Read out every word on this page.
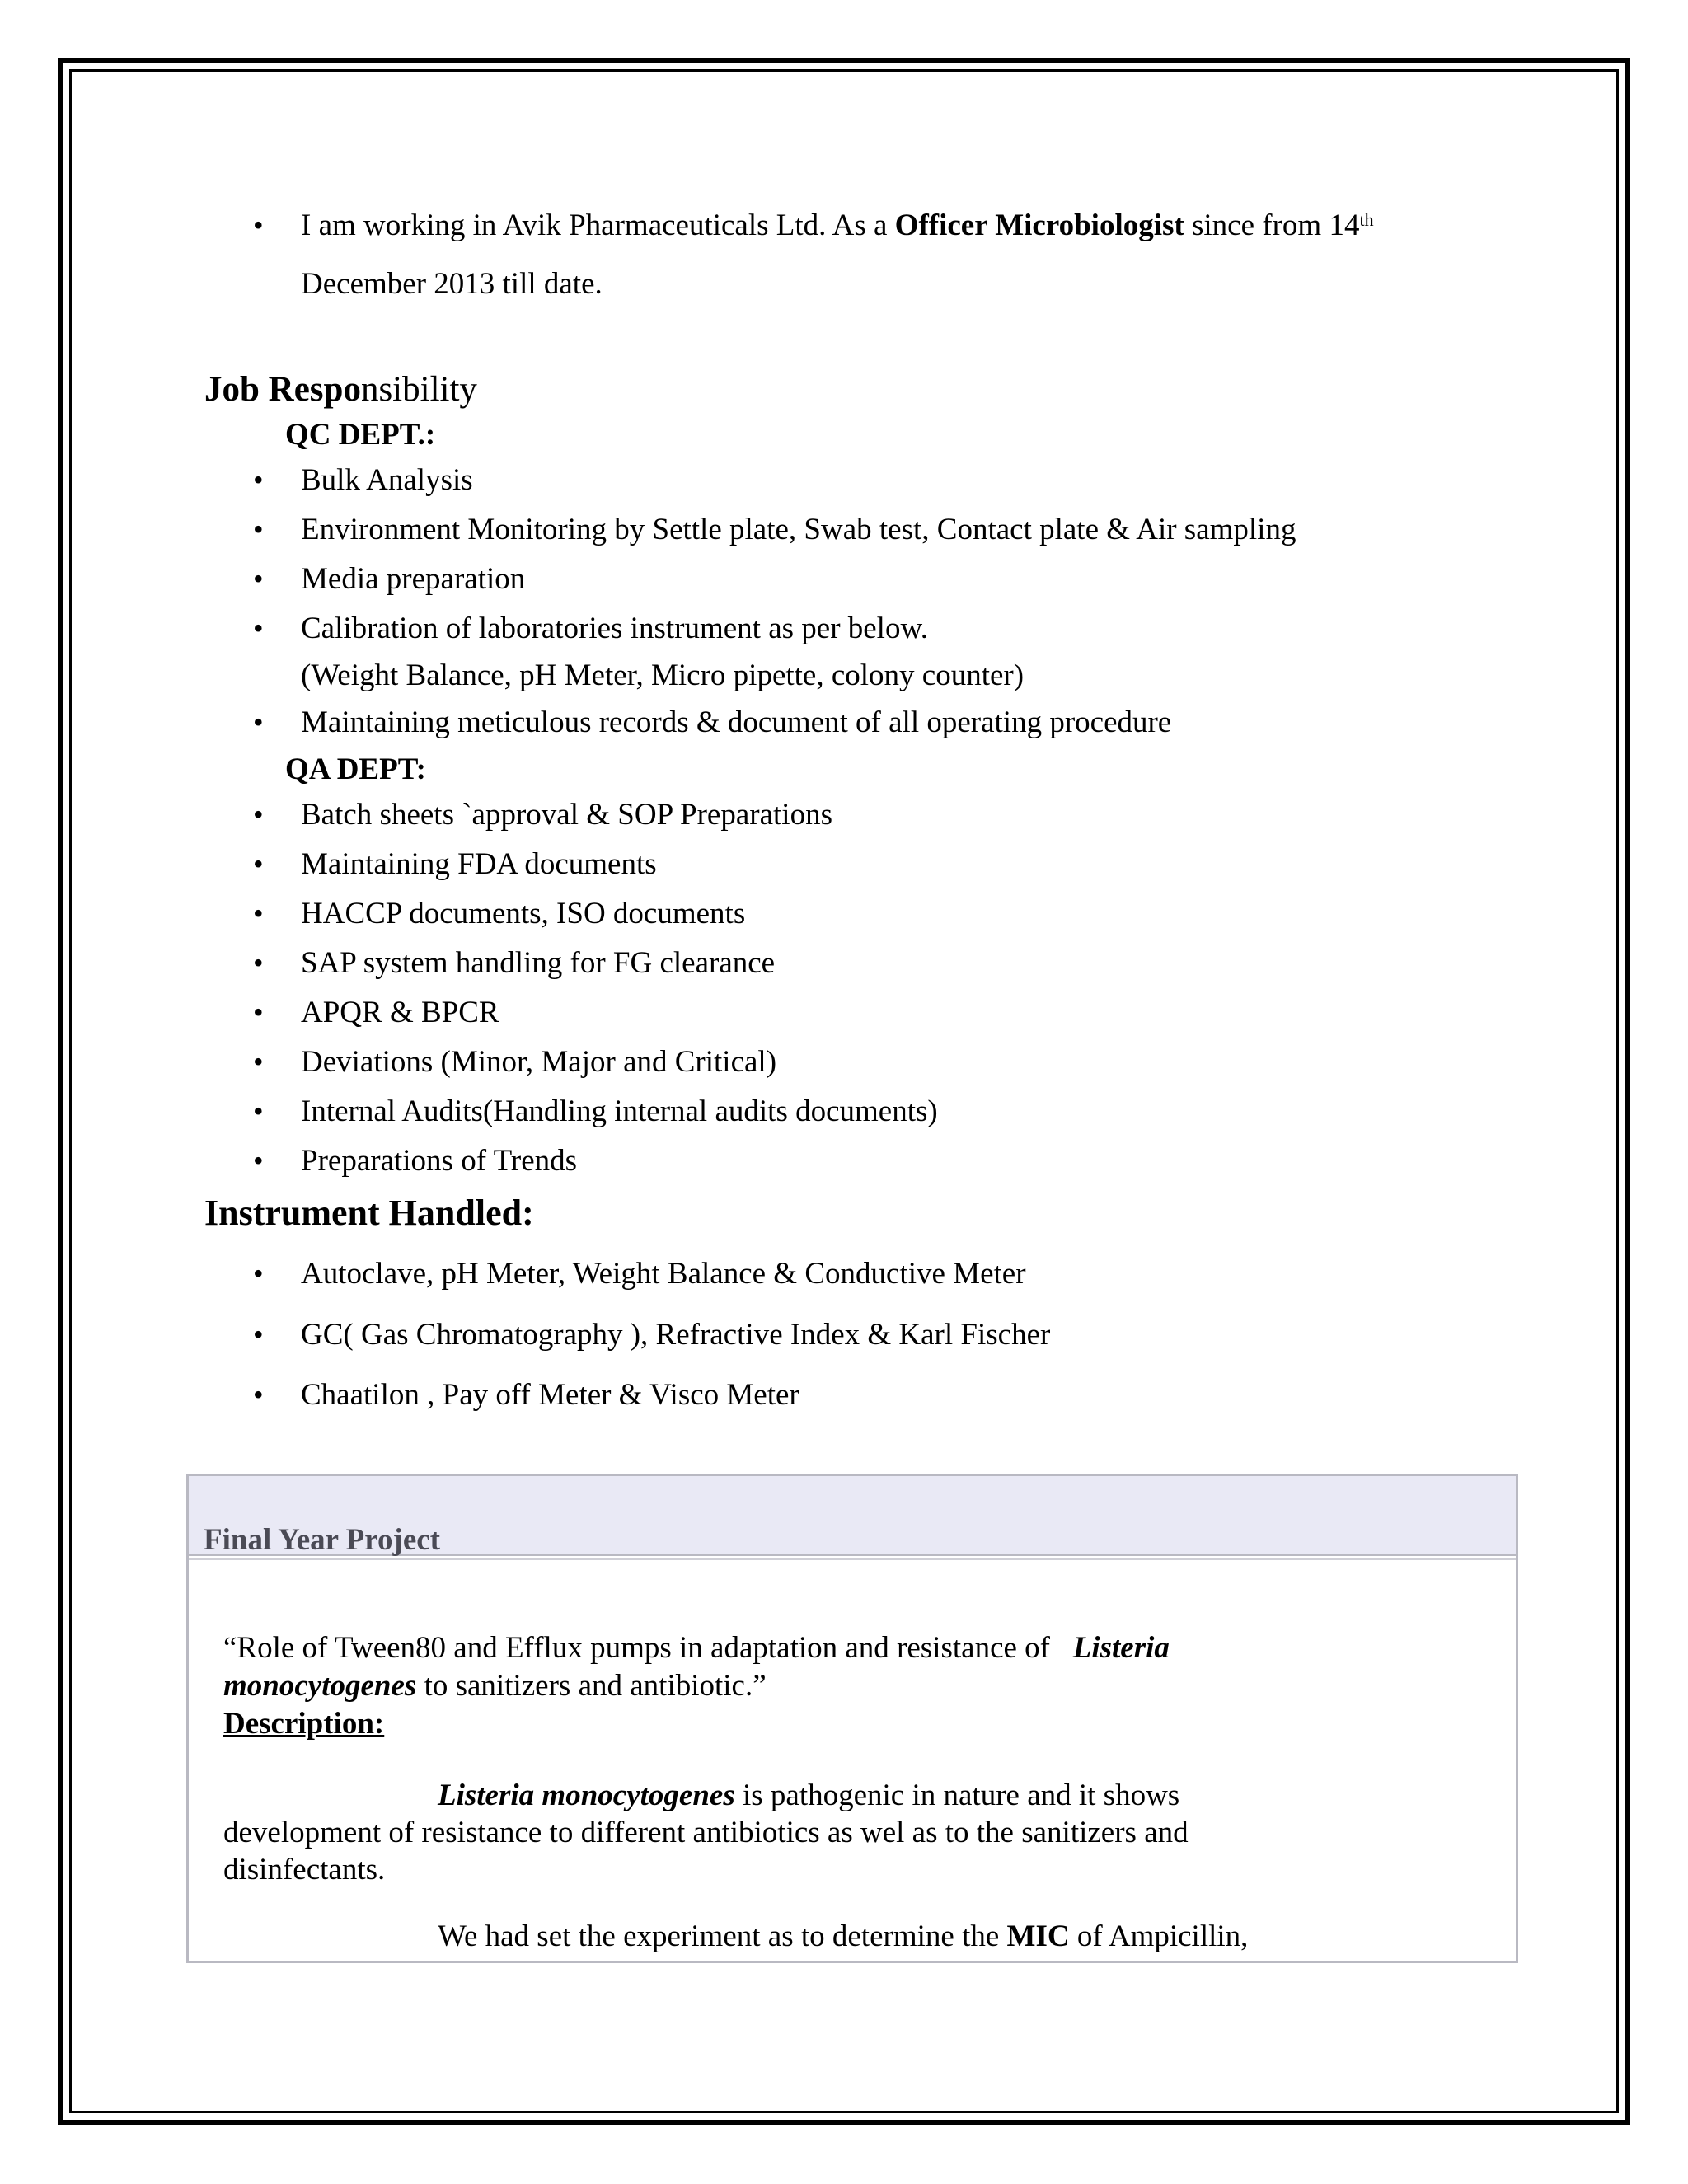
• I am working in Avik Pharmaceuticals Ltd. As a Officer Microbiologist since from 14th
December 2013 till date.
Job Responsibility
QC DEPT.:
• Bulk Analysis
• Environment Monitoring by Settle plate, Swab test, Contact plate & Air sampling
• Media preparation
• Calibration of laboratories instrument as per below.
(Weight Balance, pH Meter, Micro pipette, colony counter)
• Maintaining meticulous records & document of all operating procedure
QA DEPT:
• Batch sheets `approval & SOP Preparations
• Maintaining FDA documents
• HACCP documents, ISO documents
• SAP system handling for FG clearance
• APQR & BPCR
• Deviations (Minor, Major and Critical)
• Internal Audits(Handling internal audits documents)
• Preparations of Trends
Instrument Handled:
• Autoclave, pH Meter, Weight Balance & Conductive Meter
• GC( Gas Chromatography ), Refractive Index & Karl Fischer
• Chaatilon , Pay off Meter & Visco Meter
Final Year Project
“Role of Tween80 and Efflux pumps in adaptation and resistance of   Listeria
monocytogenes to sanitizers and antibiotic.”
Description:
Listeria monocytogenes is pathogenic in nature and it shows
development of resistance to different antibiotics as wel as to the sanitizers and
disinfectants.
We had set the experiment as to determine the MIC of Ampicillin,
